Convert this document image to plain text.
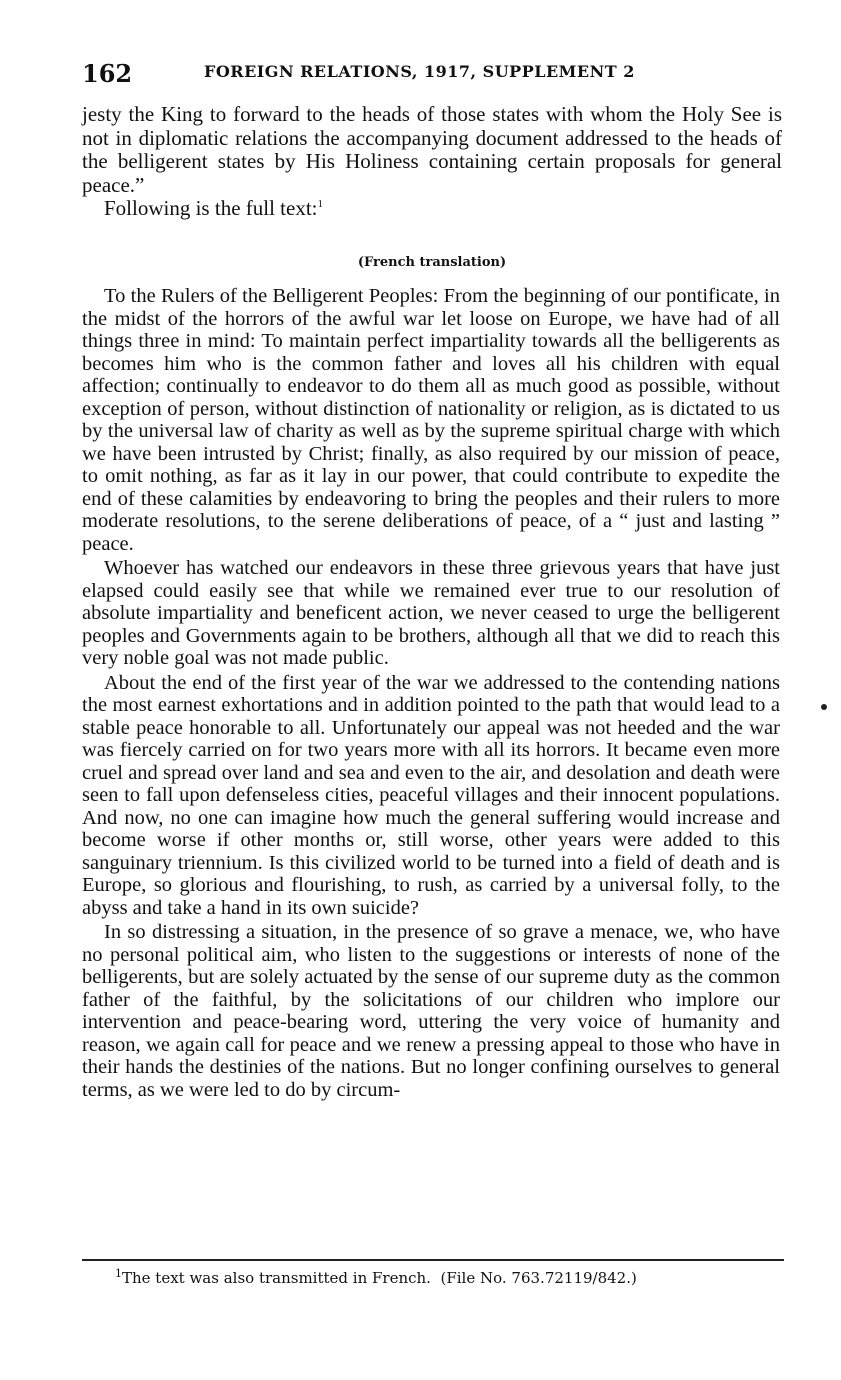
162	FOREIGN RELATIONS, 1917, SUPPLEMENT 2

jesty the King to forward to the heads of those states with whom the Holy See is not in diplomatic relations the accompanying document addressed to the heads of the belligerent states by His Holiness containing certain proposals for general peace.”

Following is the full text:$^1$

(French translation)

To the Rulers of the Belligerent Peoples: From the beginning of our pontificate, in the midst of the horrors of the awful war let loose on Europe, we have had of all things three in mind: To maintain perfect impartiality towards all the belligerents as becomes him who is the common father and loves all his children with equal affection; continually to endeavor to do them all as much good as possible, without exception of person, without distinction of nationality or religion, as is dictated to us by the universal law of charity as well as by the supreme spiritual charge with which we have been intrusted by Christ; finally, as also required by our mission of peace, to omit nothing, as far as it lay in our power, that could contribute to expedite the end of these calamities by endeavoring to bring the peoples and their rulers to more moderate resolutions, to the serene deliberations of peace, of a “ just and lasting ” peace.

Whoever has watched our endeavors in these three grievous years that have just elapsed could easily see that while we remained ever true to our resolution of absolute impartiality and beneficent action, we never ceased to urge the belligerent peoples and Governments again to be brothers, although all that we did to reach this very noble goal was not made public.

About the end of the first year of the war we addressed to the contending nations the most earnest exhortations and in addition pointed to the path that would lead to a stable peace honorable to all. Unfortunately our appeal was not heeded and the war was fiercely carried on for two years more with all its horrors. It became even more cruel and spread over land and sea and even to the air, and desolation and death were seen to fall upon defenseless cities, peaceful villages and their innocent populations. And now, no one can imagine how much the general suffering would increase and become worse if other months or, still worse, other years were added to this sanguinary triennium. Is this civilized world to be turned into a field of death and is Europe, so glorious and flourishing, to rush, as carried by a universal folly, to the abyss and take a hand in its own suicide?

In so distressing a situation, in the presence of so grave a menace, we, who have no personal political aim, who listen to the suggestions or interests of none of the belligerents, but are solely actuated by the sense of our supreme duty as the common father of the faithful, by the solicitations of our children who implore our intervention and peace-bearing word, uttering the very voice of humanity and reason, we again call for peace and we renew a pressing appeal to those who have in their hands the destinies of the nations. But no longer confining ourselves to general terms, as we were led to do by circum-

$^1$The text was also transmitted in French. (File No. 763.72119/842.)
